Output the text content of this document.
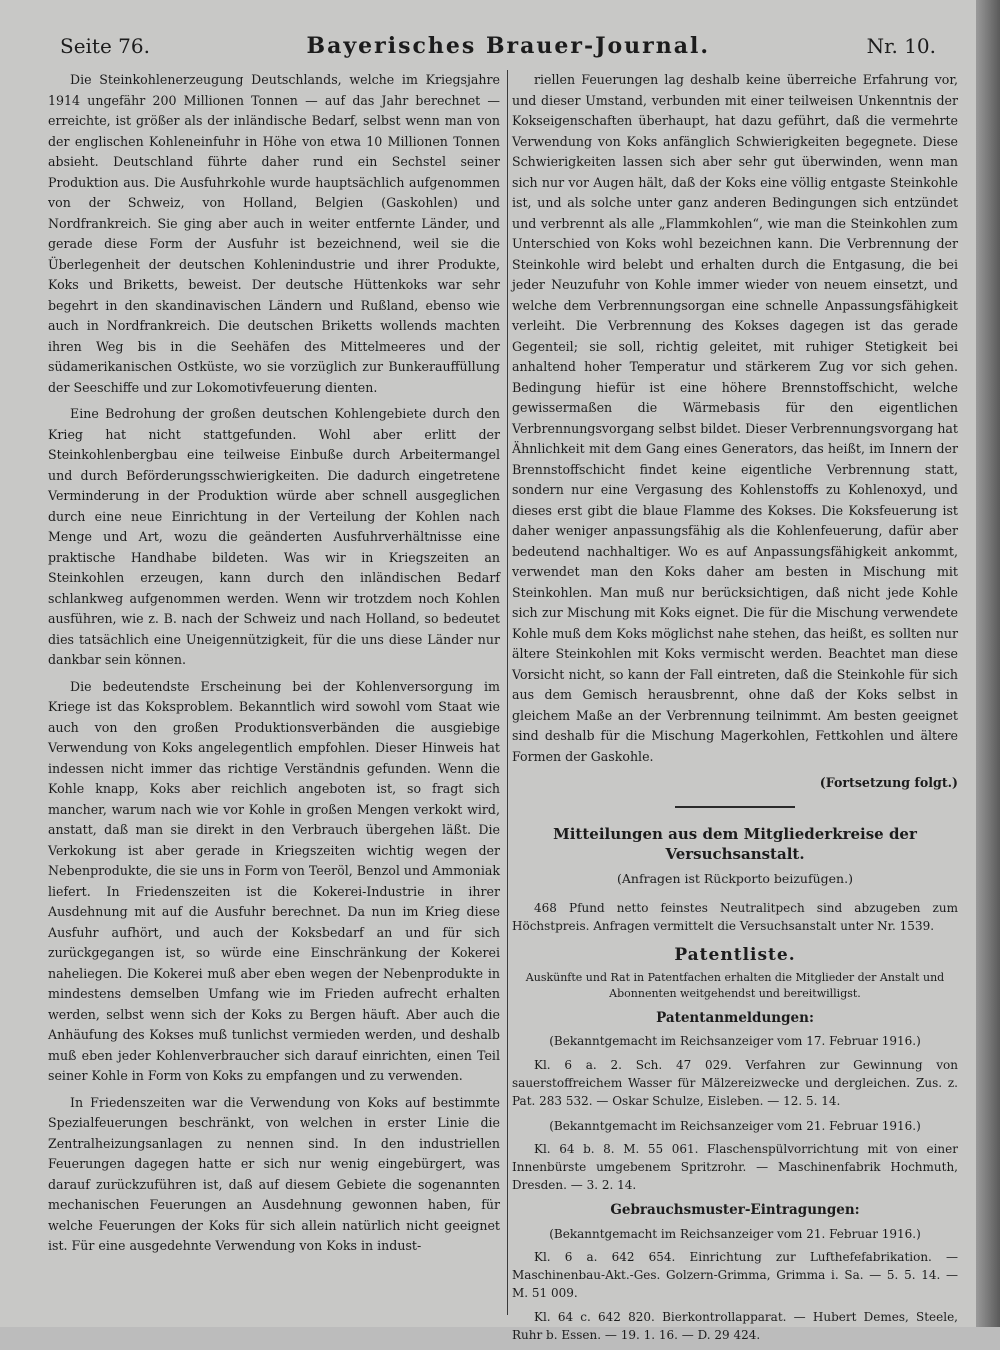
Seite 76.	Bayerisches Brauer-Journal.	Nr. 10.

Die Steinkohlenerzeugung Deutschlands, welche im Kriegsjahre 1914 ungefähr 200 Millionen Tonnen — auf das Jahr berechnet — erreichte, ist größer als der inländische Bedarf, selbst wenn man von der englischen Kohleneinfuhr in Höhe von etwa 10 Millionen Tonnen absieht. Deutschland führte daher rund ein Sechstel seiner Produktion aus. Die Ausfuhrkohle wurde hauptsächlich aufgenommen von der Schweiz, von Holland, Belgien (Gaskohlen) und Nordfrankreich. Sie ging aber auch in weiter entfernte Länder, und gerade diese Form der Ausfuhr ist bezeichnend, weil sie die Überlegenheit der deutschen Kohlenindustrie und ihrer Produkte, Koks und Briketts, beweist. Der deutsche Hüttenkoks war sehr begehrt in den skandinavischen Ländern und Rußland, ebenso wie auch in Nordfrankreich. Die deutschen Briketts wollends machten ihren Weg bis in die Seehäfen des Mittelmeeres und der südamerikanischen Ostküste, wo sie vorzüglich zur Bunkerauffüllung der Seeschiffe und zur Lokomotivfeuerung dienten.

Eine Bedrohung der großen deutschen Kohlengebiete durch den Krieg hat nicht stattgefunden. Wohl aber erlitt der Steinkohlenbergbau eine teilweise Einbuße durch Arbeitermangel und durch Beförderungsschwierigkeiten. Die dadurch eingetretene Verminderung in der Produktion würde aber schnell ausgeglichen durch eine neue Einrichtung in der Verteilung der Kohlen nach Menge und Art, wozu die geänderten Ausfuhrverhältnisse eine praktische Handhabe bildeten. Was wir in Kriegszeiten an Steinkohlen erzeugen, kann durch den inländischen Bedarf schlankweg aufgenommen werden. Wenn wir trotzdem noch Kohlen ausführen, wie z. B. nach der Schweiz und nach Holland, so bedeutet dies tatsächlich eine Uneigennützigkeit, für die uns diese Länder nur dankbar sein können.

Die bedeutendste Erscheinung bei der Kohlenversorgung im Kriege ist das Koksproblem. Bekanntlich wird sowohl vom Staat wie auch von den großen Produktionsverbänden die ausgiebige Verwendung von Koks angelegentlich empfohlen. Dieser Hinweis hat indessen nicht immer das richtige Verständnis gefunden. Wenn die Kohle knapp, Koks aber reichlich angeboten ist, so fragt sich mancher, warum nach wie vor Kohle in großen Mengen verkokt wird, anstatt, daß man sie direkt in den Verbrauch übergehen läßt. Die Verkokung ist aber gerade in Kriegszeiten wichtig wegen der Nebenprodukte, die sie uns in Form von Teeröl, Benzol und Ammoniak liefert. In Friedenszeiten ist die Kokerei-Industrie in ihrer Ausdehnung mit auf die Ausfuhr berechnet. Da nun im Krieg diese Ausfuhr aufhört, und auch der Koksbedarf an und für sich zurückgegangen ist, so würde eine Einschränkung der Kokerei naheliegen. Die Kokerei muß aber eben wegen der Nebenprodukte in mindestens demselben Umfang wie im Frieden aufrecht erhalten werden, selbst wenn sich der Koks zu Bergen häuft. Aber auch die Anhäufung des Kokses muß tunlichst vermieden werden, und deshalb muß eben jeder Kohlenverbraucher sich darauf einrichten, einen Teil seiner Kohle in Form von Koks zu empfangen und zu verwenden.

In Friedenszeiten war die Verwendung von Koks auf bestimmte Spezialfeuerungen beschränkt, von welchen in erster Linie die Zentralheizungsanlagen zu nennen sind. In den industriellen Feuerungen dagegen hatte er sich nur wenig eingebürgert, was darauf zurückzuführen ist, daß auf diesem Gebiete die sogenannten mechanischen Feuerungen an Ausdehnung gewonnen haben, für welche Feuerungen der Koks für sich allein natürlich nicht geeignet ist. Für eine ausgedehnte Verwendung von Koks in indust-

riellen Feuerungen lag deshalb keine überreiche Erfahrung vor, und dieser Umstand, verbunden mit einer teilweisen Unkenntnis der Kokseigenschaften überhaupt, hat dazu geführt, daß die vermehrte Verwendung von Koks anfänglich Schwierigkeiten begegnete. Diese Schwierigkeiten lassen sich aber sehr gut überwinden, wenn man sich nur vor Augen hält, daß der Koks eine völlig entgaste Steinkohle ist, und als solche unter ganz anderen Bedingungen sich entzündet und verbrennt als alle „Flammkohlen“, wie man die Steinkohlen zum Unterschied von Koks wohl bezeichnen kann. Die Verbrennung der Steinkohle wird belebt und erhalten durch die Entgasung, die bei jeder Neuzufuhr von Kohle immer wieder von neuem einsetzt, und welche dem Verbrennungsorgan eine schnelle Anpassungsfähigkeit verleiht. Die Verbrennung des Kokses dagegen ist das gerade Gegenteil; sie soll, richtig geleitet, mit ruhiger Stetigkeit bei anhaltend hoher Temperatur und stärkerem Zug vor sich gehen. Bedingung hiefür ist eine höhere Brennstoffschicht, welche gewissermaßen die Wärmebasis für den eigentlichen Verbrennungsvorgang selbst bildet. Dieser Verbrennungsvorgang hat Ähnlichkeit mit dem Gang eines Generators, das heißt, im Innern der Brennstoffschicht findet keine eigentliche Verbrennung statt, sondern nur eine Vergasung des Kohlenstoffs zu Kohlenoxyd, und dieses erst gibt die blaue Flamme des Kokses. Die Koksfeuerung ist daher weniger anpassungsfähig als die Kohlenfeuerung, dafür aber bedeutend nachhaltiger. Wo es auf Anpassungsfähigkeit ankommt, verwendet man den Koks daher am besten in Mischung mit Steinkohlen. Man muß nur berücksichtigen, daß nicht jede Kohle sich zur Mischung mit Koks eignet. Die für die Mischung verwendete Kohle muß dem Koks möglichst nahe stehen, das heißt, es sollten nur ältere Steinkohlen mit Koks vermischt werden. Beachtet man diese Vorsicht nicht, so kann der Fall eintreten, daß die Steinkohle für sich aus dem Gemisch herausbrennt, ohne daß der Koks selbst in gleichem Maße an der Verbrennung teilnimmt. Am besten geeignet sind deshalb für die Mischung Magerkohlen, Fettkohlen und ältere Formen der Gaskohle.

(Fortsetzung folgt.)
Mitteilungen aus dem Mitgliederkreise der Versuchsanstalt.
(Anfragen ist Rückporto beizufügen.)

468 Pfund netto feinstes Neutralitpech sind abzugeben zum Höchstpreis. Anfragen vermittelt die Versuchsanstalt unter Nr. 1539.

Patentliste.
Auskünfte und Rat in Patentfachen erhalten die Mitglieder der Anstalt und Abonnenten weitgehendst und bereitwilligst.
Patentanmeldungen:
(Bekanntgemacht im Reichsanzeiger vom 17. Februar 1916.)

Kl. 6 a. 2. Sch. 47 029. Verfahren zur Gewinnung von sauerstoffreichem Wasser für Mälzereizwecke und dergleichen. Zus. z. Pat. 283 532. — Oskar Schulze, Eisleben. — 12. 5. 14.

(Bekanntgemacht im Reichsanzeiger vom 21. Februar 1916.)

Kl. 64 b. 8. M. 55 061. Flaschenspülvorrichtung mit von einer Innenbürste umgebenem Spritzrohr. — Maschinenfabrik Hochmuth, Dresden. — 3. 2. 14.

Gebrauchsmuster-Eintragungen:
(Bekanntgemacht im Reichsanzeiger vom 21. Februar 1916.)

Kl. 6 a. 642 654. Einrichtung zur Lufthefefabrikation. — Maschinenbau-Akt.-Ges. Golzern-Grimma, Grimma i. Sa. — 5. 5. 14. — M. 51 009.

Kl. 64 c. 642 820. Bierkontrollapparat. — Hubert Demes, Steele, Ruhr b. Essen. — 19. 1. 16. — D. 29 424.
